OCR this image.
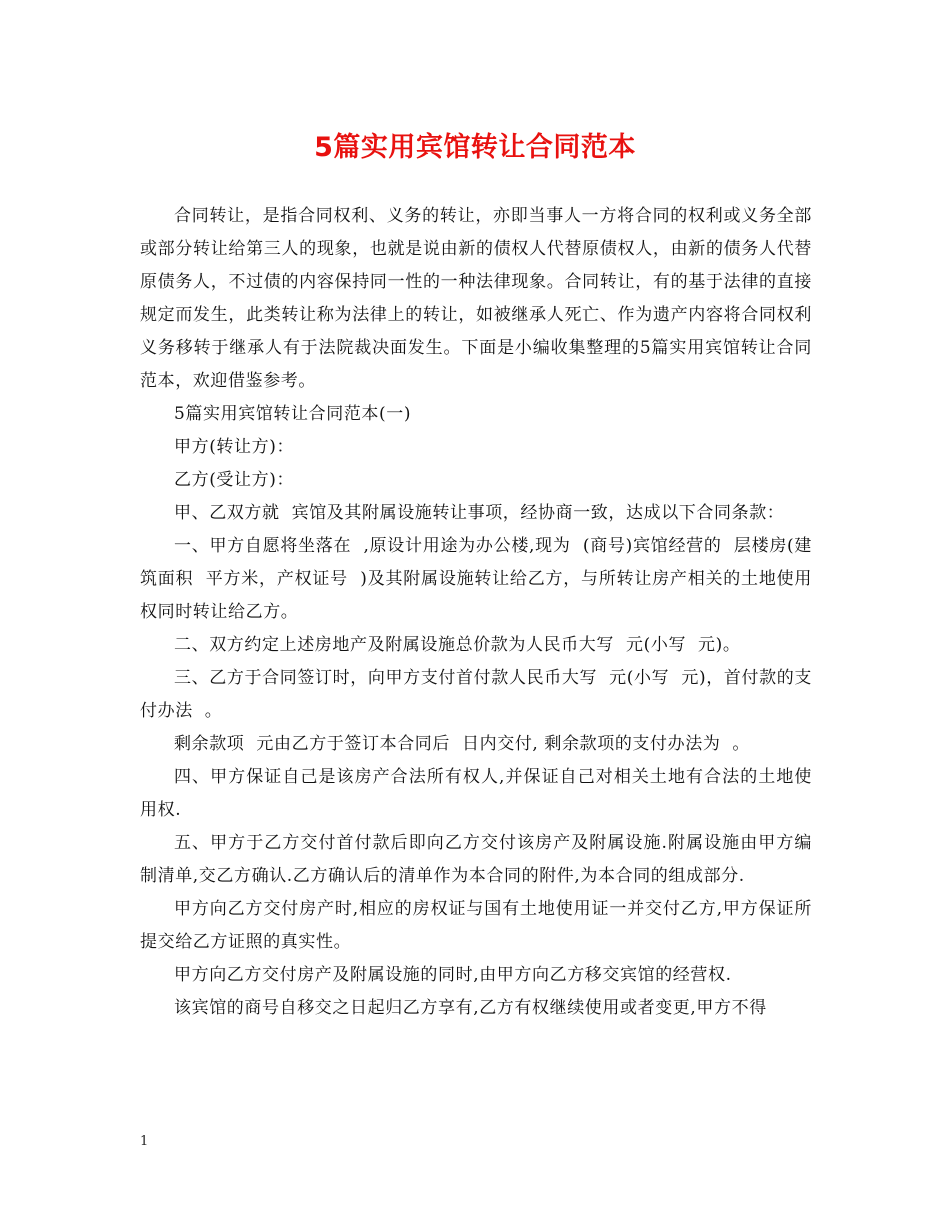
5篇实用宾馆转让合同范本

合同转让，是指合同权利、义务的转让，亦即当事人一方将合同的权利或义务全部或部分转让给第三人的现象，也就是说由新的债权人代替原债权人，由新的债务人代替原债务人，不过债的内容保持同一性的一种法律现象。合同转让，有的基于法律的直接规定而发生，此类转让称为法律上的转让，如被继承人死亡、作为遗产内容将合同权利义务移转于继承人有于法院裁决面发生。下面是小编收集整理的5篇实用宾馆转让合同范本，欢迎借鉴参考。

5篇实用宾馆转让合同范本(一)

甲方(转让方)：

乙方(受让方)：

甲、乙双方就  宾馆及其附属设施转让事项，经协商一致，达成以下合同条款：

一、甲方自愿将坐落在  ,原设计用途为办公楼,现为  (商号)宾馆经营的  层楼房(建筑面积  平方米，产权证号  )及其附属设施转让给乙方，与所转让房产相关的土地使用权同时转让给乙方。

二、双方约定上述房地产及附属设施总价款为人民币大写  元(小写  元)。

三、乙方于合同签订时，向甲方支付首付款人民币大写  元(小写  元)，首付款的支付办法  。

剩余款项  元由乙方于签订本合同后  日内交付, 剩余款项的支付办法为  。

四、甲方保证自己是该房产合法所有权人,并保证自己对相关土地有合法的土地使用权.

五、甲方于乙方交付首付款后即向乙方交付该房产及附属设施.附属设施由甲方编制清单,交乙方确认.乙方确认后的清单作为本合同的附件,为本合同的组成部分.

甲方向乙方交付房产时,相应的房权证与国有土地使用证一并交付乙方,甲方保证所提交给乙方证照的真实性。

甲方向乙方交付房产及附属设施的同时,由甲方向乙方移交宾馆的经营权.

该宾馆的商号自移交之日起归乙方享有,乙方有权继续使用或者变更,甲方不得

1
